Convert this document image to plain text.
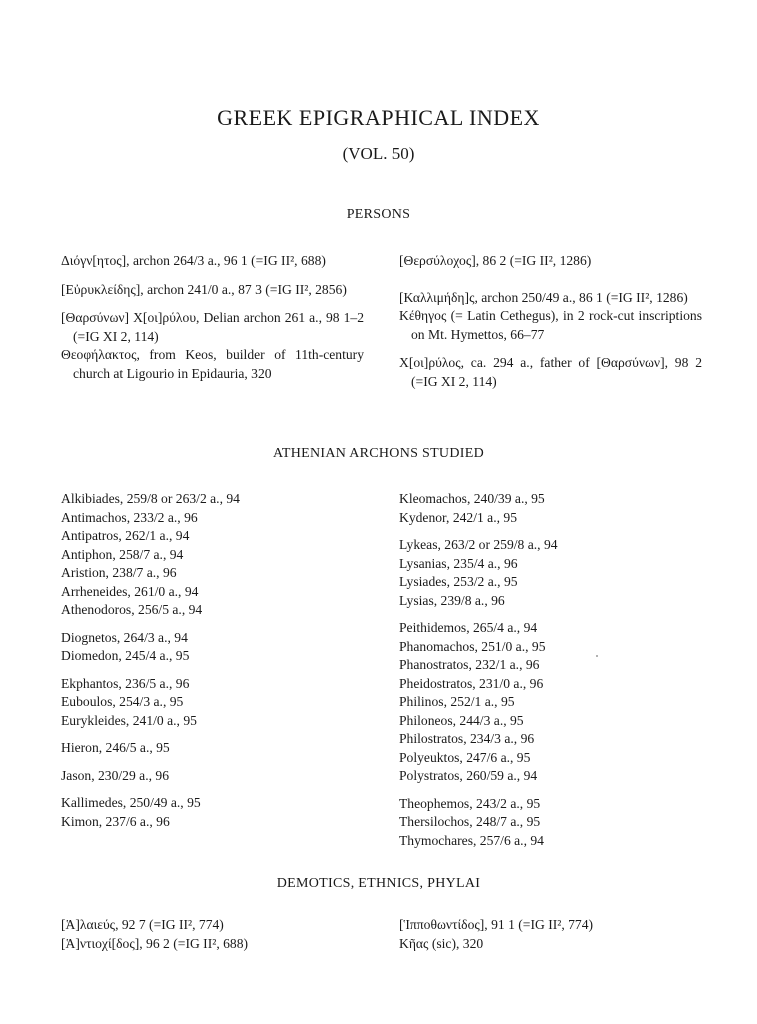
GREEK EPIGRAPHICAL INDEX
(VOL. 50)
PERSONS

Διόγν[ητος], archon 264/3 a., 96 1 (=IG II², 688)

[Εὐρυκλείδης], archon 241/0 a., 87 3 (=IG II², 2856)

[Θαρσύνων] Χ[οι]ρύλου, Delian archon 261 a., 98 1–2 (=IG XI 2, 114)

Θεοφήλακτος, from Keos, builder of 11th-century church at Ligourio in Epidauria, 320

[Θερσύλοχος], 86 2 (=IG II², 1286)

[Καλλιμήδη]ς, archon 250/49 a., 86 1 (=IG II², 1286)

Κέθηγος (= Latin Cethegus), in 2 rock-cut inscriptions on Mt. Hymettos, 66–77

Χ[οι]ρύλος, ca. 294 a., father of [Θαρσύνων], 98 2 (=IG XI 2, 114)

ATHENIAN ARCHONS STUDIED

Alkibiades, 259/8 or 263/2 a., 94

Antimachos, 233/2 a., 96

Antipatros, 262/1 a., 94

Antiphon, 258/7 a., 94

Aristion, 238/7 a., 96

Arrheneides, 261/0 a., 94

Athenodoros, 256/5 a., 94

Diognetos, 264/3 a., 94

Diomedon, 245/4 a., 95

Ekphantos, 236/5 a., 96

Euboulos, 254/3 a., 95

Eurykleides, 241/0 a., 95

Hieron, 246/5 a., 95

Jason, 230/29 a., 96

Kallimedes, 250/49 a., 95

Kimon, 237/6 a., 96

Kleomachos, 240/39 a., 95

Kydenor, 242/1 a., 95

Lykeas, 263/2 or 259/8 a., 94

Lysanias, 235/4 a., 96

Lysiades, 253/2 a., 95

Lysias, 239/8 a., 96

Peithidemos, 265/4 a., 94

Phanomachos, 251/0 a., 95

Phanostratos, 232/1 a., 96

Pheidostratos, 231/0 a., 96

Philinos, 252/1 a., 95

Philoneos, 244/3 a., 95

Philostratos, 234/3 a., 96

Polyeuktos, 247/6 a., 95

Polystratos, 260/59 a., 94

Theophemos, 243/2 a., 95

Thersilochos, 248/7 a., 95

Thymochares, 257/6 a., 94

DEMOTICS, ETHNICS, PHYLAI

[Ἁ]λαιεύς, 92 7 (=IG II², 774)

[Ἁ]ντιοχί[δος], 96 2 (=IG II², 688)

[Ἱπποθωντίδος], 91 1 (=IG II², 774)

Κῆας (sic), 320
